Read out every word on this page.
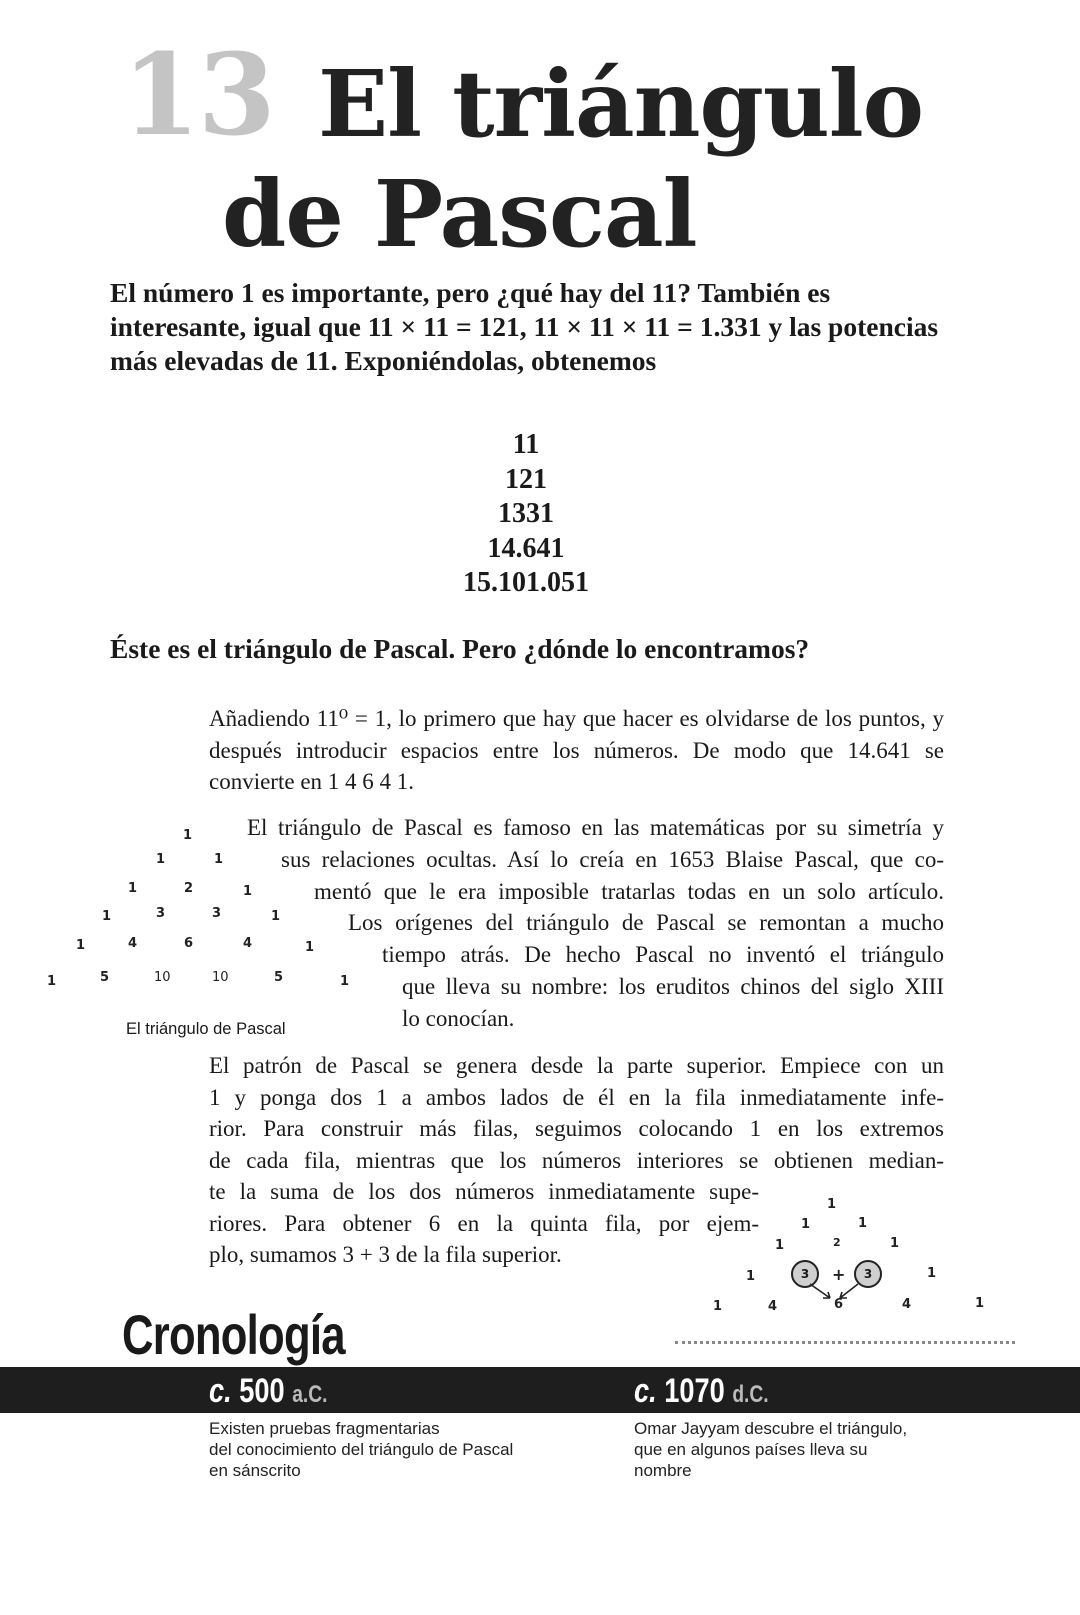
13 El triángulo
de Pascal
El número 1 es importante, pero ¿qué hay del 11? También es interesante, igual que 11 × 11 = 121, 11 × 11 × 11 = 1.331 y las potencias más elevadas de 11. Exponiéndolas, obtenemos
11
121
1331
14.641
15.101.051
Éste es el triángulo de Pascal. Pero ¿dónde lo encontramos?
Añadiendo 11⁰ = 1, lo primero que hay que hacer es olvidarse de los puntos, y después introducir espacios entre los números. De modo que 14.641 se convierte en 1 4 6 4 1.
El triángulo de Pascal es famoso en las matemáticas por su simetría y
sus relaciones ocultas. Así lo creía en 1653 Blaise Pascal, que co-
mentó que le era imposible tratarlas todas en un solo artículo.
Los orígenes del triángulo de Pascal se remontan a mucho
tiempo atrás. De hecho Pascal no inventó el triángulo
que lleva su nombre: los eruditos chinos del siglo XIII
lo conocían.
1
1	1
1	2	1
1	3	3	1
1	4	6	4	1
1	5	10	10	5	1
El triángulo de Pascal
El patrón de Pascal se genera desde la parte superior. Empiece con un
1 y ponga dos 1 a ambos lados de él en la fila inmediatamente infe-
rior. Para construir más filas, seguimos colocando 1 en los extremos
de cada fila, mientras que los números interiores se obtienen median-
te la suma de los dos números inmediatamente supe-
riores. Para obtener 6 en la quinta fila, por ejem-
plo, sumamos 3 + 3 de la fila superior.
1
1	1
1	2	1
1	3	+	3	1
1	4	6	4	1
Cronología
c. 500 a.C.	c. 1070 d.C.
Existen pruebas fragmentarias
del conocimiento del triángulo de Pascal
en sánscrito
Omar Jayyam descubre el triángulo,
que en algunos países lleva su
nombre
